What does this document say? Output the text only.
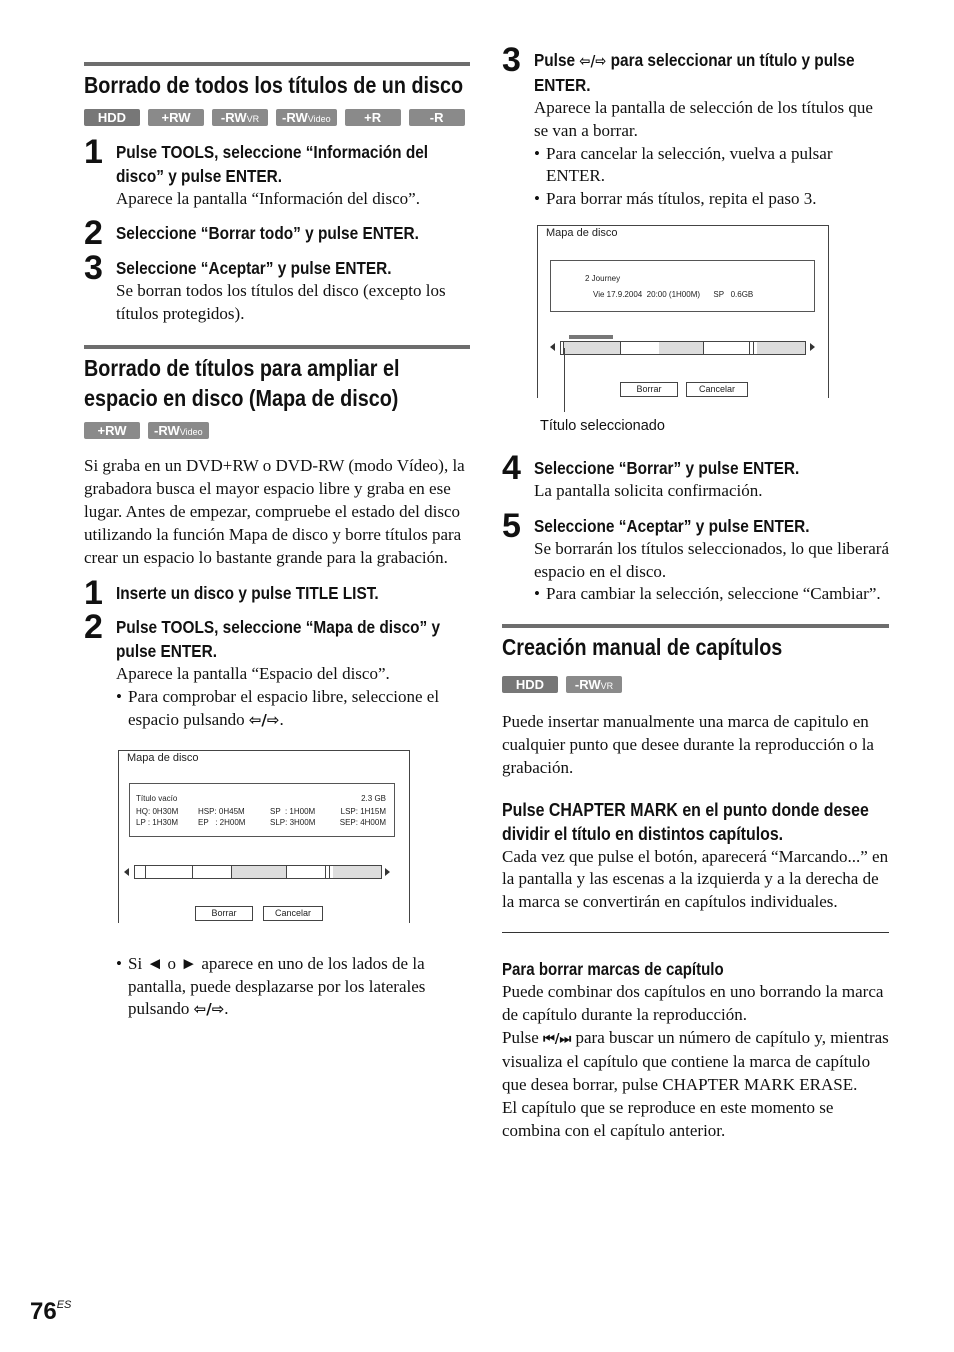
Borrado de todos los títulos de un disco
HDD	+RW	-RWVR	-RWVideo	+R	-R
1 Pulse TOOLS, seleccione “Información del disco” y pulse ENTER.
Aparece la pantalla “Información del disco”.
2 Seleccione “Borrar todo” y pulse ENTER.
3 Seleccione “Aceptar” y pulse ENTER.
Se borran todos los títulos del disco (excepto los títulos protegidos).
Borrado de títulos para ampliar el espacio en disco (Mapa de disco)
+RW	-RWVideo
Si graba en un DVD+RW o DVD-RW (modo Vídeo), la grabadora busca el mayor espacio libre y graba en ese lugar. Antes de empezar, compruebe el estado del disco utilizando la función Mapa de disco y borre títulos para crear un espacio lo bastante grande para la grabación.
1 Inserte un disco y pulse TITLE LIST.
2 Pulse TOOLS, seleccione “Mapa de disco” y pulse ENTER.
Aparece la pantalla “Espacio del disco”.
• Para comprobar el espacio libre, seleccione el espacio pulsando ⇦/⇨.
Mapa de disco
Título vacío	2.3 GB
HQ: 0H30M HSP: 0H45M	SP  : 1H00M	LSP: 1H15M
LP : 1H30M EP   : 2H00M	SLP: 3H00M	SEP: 4H00M
Borrar	Cancelar
• Si ◄ o ► aparece en uno de los lados de la pantalla, puede desplazarse por los laterales pulsando ⇦/⇨.
3 Pulse ⇦/⇨ para seleccionar un título y pulse ENTER.
Aparece la pantalla de selección de los títulos que se van a borrar.
• Para cancelar la selección, vuelva a pulsar ENTER.
• Para borrar más títulos, repita el paso 3.
Mapa de disco
2 Journey
Vie 17.9.2004  20:00 (1H00M)      SP   0.6GB
Borrar	Cancelar
Título seleccionado
4 Seleccione “Borrar” y pulse ENTER.
La pantalla solicita confirmación.
5 Seleccione “Aceptar” y pulse ENTER.
Se borrarán los títulos seleccionados, lo que liberará espacio en el disco.
• Para cambiar la selección, seleccione “Cambiar”.
Creación manual de capítulos
HDD	-RWVR
Puede insertar manualmente una marca de capitulo en cualquier punto que desee durante la reproducción o la grabación.
Pulse CHAPTER MARK en el punto donde desee dividir el título en distintos capítulos.
Cada vez que pulse el botón, aparecerá “Marcando...” en la pantalla y las escenas a la izquierda y a la derecha de la marca se convertirán en capítulos individuales.
Para borrar marcas de capítulo
Puede combinar dos capítulos en uno borrando la marca de capítulo durante la reproducción.
Pulse ⏮/⏭ para buscar un número de capítulo y, mientras visualiza el capítulo que contiene la marca de capítulo que desea borrar, pulse CHAPTER MARK ERASE.
El capítulo que se reproduce en este momento se combina con el capítulo anterior.
$76^{ES}$
